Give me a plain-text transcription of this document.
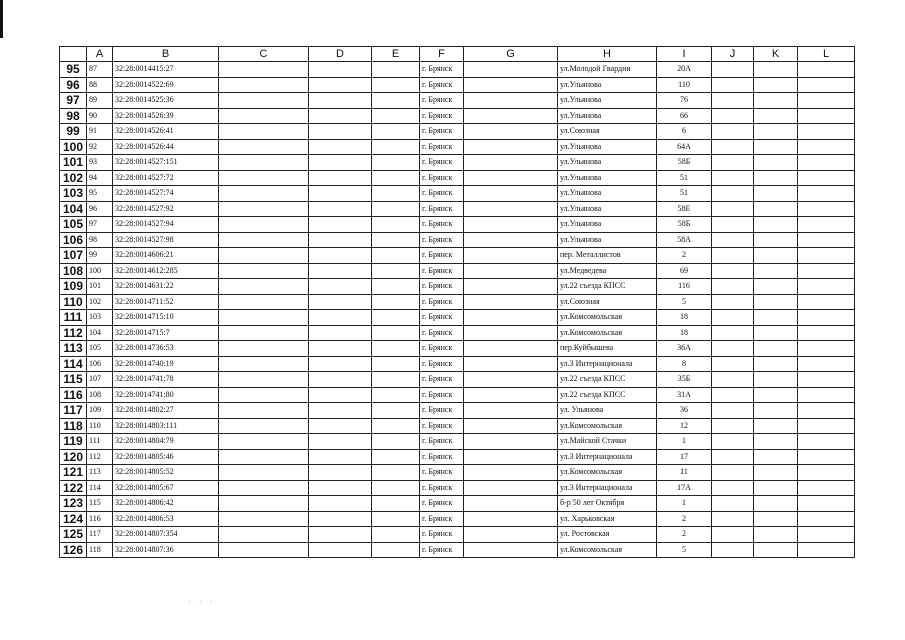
	A	B	C	D	E	F	G	H	I	J	K	L
95	87	32:28:0014415:27				г. Брянск		ул.Молодой Гвардии	20А			
96	88	32:28:0014522:69				г. Брянск		ул.Ульянова	110			
97	89	32:28:0014525:36				г. Брянск		ул.Ульянова	76			
98	90	32:28:0014526:39				г. Брянск		ул.Ульянова	66			
99	91	32:28:0014526:41				г. Брянск		ул.Союзная	6			
100	92	32:28:0014526:44				г. Брянск		ул.Ульянова	64А			
101	93	32:28:0014527:151				г. Брянск		ул.Ульянова	58Б			
102	94	32:28:0014527:72				г. Брянск		ул.Ульянова	51			
103	95	32:28:0014527:74				г. Брянск		ул.Ульянова	51			
104	96	32:28:0014527:92				г. Брянск		ул.Ульянова	58Е			
105	97	32:28:0014527:94				г. Брянск		ул.Ульянова	58Б			
106	98	32:28:0014527:98				г. Брянск		ул.Ульянова	58А			
107	99	32:28:0014606:21				г. Брянск		пер. Металлистов	2			
108	100	32:28:0014612:285				г. Брянск		ул.Медведева	69			
109	101	32:28:0014631:22				г. Брянск		ул.22 съезда КПСС	116			
110	102	32:28:0014711:52				г. Брянск		ул.Союзная	5			
111	103	32:28:0014715:10				г. Брянск		ул.Комсомольская	18			
112	104	32:28:0014715:7				г. Брянск		ул.Комсомольская	18			
113	105	32:28:0014736:53				г. Брянск		пер.Куйбышева	36А			
114	106	32:28:0014740:19				г. Брянск		ул.3 Интернационала	8			
115	107	32:28:0014741:78				г. Брянск		ул.22 съезда КПСС	35Б			
116	108	32:28:0014741:80				г. Брянск		ул.22 съезда КПСС	31А			
117	109	32:28:0014802:27				г. Брянск		ул. Ульянова	36			
118	110	32:28:0014803:111				г. Брянск		ул.Комсомольская	12			
119	111	32:28:0014804:79				г. Брянск		ул.Майской Стачки	1			
120	112	32:28:0014805:46				г. Брянск		ул.3 Интернационала	17			
121	113	32:28:0014805:52				г. Брянск		ул.Комсомольская	11			
122	114	32:28:0014805:67				г. Брянск		ул.3 Интернационала	17А			
123	115	32:28:0014806:42				г. Брянск		б-р 50 лет Октября	1			
124	116	32:28:0014806:53				г. Брянск		ул. Харьковская	2			
125	117	32:28:0014807:354				г. Брянск		ул. Ростовская	2			
126	118	32:28:0014807:36				г. Брянск		ул.Комсомольская	5			
· · ·
